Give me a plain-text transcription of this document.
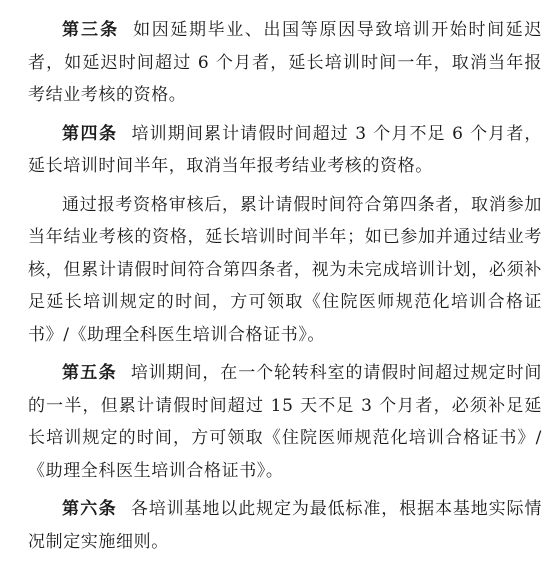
第三条 如因延期毕业、出国等原因导致培训开始时间延迟者，如延迟时间超过 6 个月者，延长培训时间一年，取消当年报考结业考核的资格。

第四条 培训期间累计请假时间超过 3 个月不足 6 个月者，延长培训时间半年，取消当年报考结业考核的资格。

通过报考资格审核后，累计请假时间符合第四条者，取消参加当年结业考核的资格，延长培训时间半年；如已参加并通过结业考核，但累计请假时间符合第四条者，视为未完成培训计划，必须补足延长培训规定的时间，方可领取《住院医师规范化培训合格证书》/《助理全科医生培训合格证书》。

第五条 培训期间，在一个轮转科室的请假时间超过规定时间的一半，但累计请假时间超过 15 天不足 3 个月者，必须补足延长培训规定的时间，方可领取《住院医师规范化培训合格证书》/《助理全科医生培训合格证书》。

第六条 各培训基地以此规定为最低标准，根据本基地实际情况制定实施细则。
